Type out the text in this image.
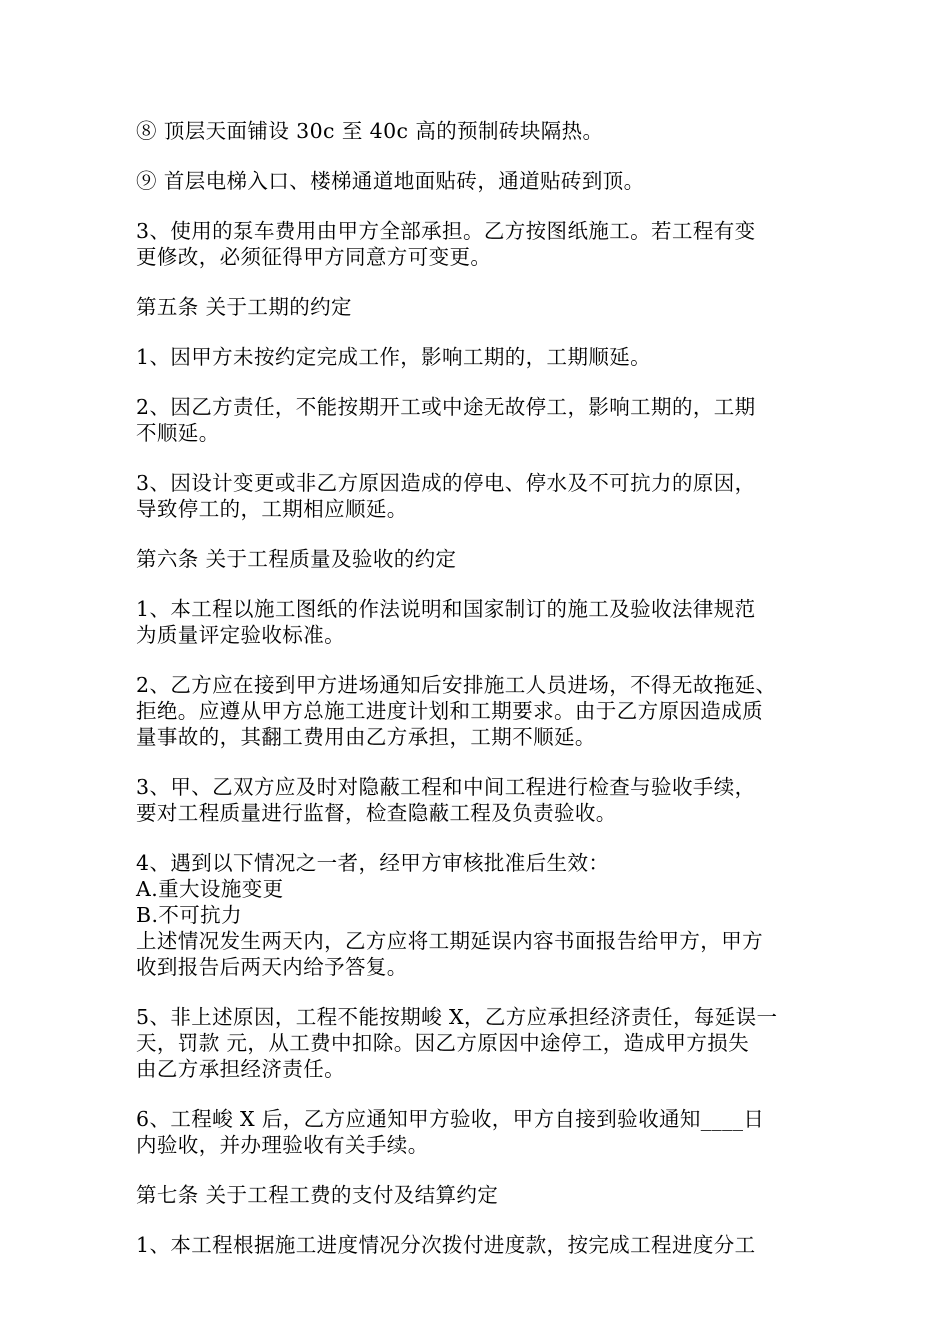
⑧ 顶层天面铺设 30c 至 40c 高的预制砖块隔热。
⑨ 首层电梯入口、楼梯通道地面贴砖，通道贴砖到顶。
3、使用的泵车费用由甲方全部承担。乙方按图纸施工。若工程有变
更修改，必须征得甲方同意方可变更。
第五条 关于工期的约定
1、因甲方未按约定完成工作，影响工期的，工期顺延。
2、因乙方责任，不能按期开工或中途无故停工，影响工期的，工期
不顺延。
3、因设计变更或非乙方原因造成的停电、停水及不可抗力的原因，
导致停工的，工期相应顺延。
第六条 关于工程质量及验收的约定
1、本工程以施工图纸的作法说明和国家制订的施工及验收法律规范
为质量评定验收标准。
2、乙方应在接到甲方进场通知后安排施工人员进场，不得无故拖延、
拒绝。应遵从甲方总施工进度计划和工期要求。由于乙方原因造成质
量事故的，其翻工费用由乙方承担，工期不顺延。
3、甲、乙双方应及时对隐蔽工程和中间工程进行检查与验收手续，
要对工程质量进行监督，检查隐蔽工程及负责验收。
4、遇到以下情况之一者，经甲方审核批准后生效：
A.重大设施变更
B.不可抗力
上述情况发生两天内，乙方应将工期延误内容书面报告给甲方，甲方
收到报告后两天内给予答复。
5、非上述原因，工程不能按期峻 X，乙方应承担经济责任，每延误一
天，罚款 元，从工费中扣除。因乙方原因中途停工，造成甲方损失
由乙方承担经济责任。
6、工程峻 X 后，乙方应通知甲方验收，甲方自接到验收通知____日
内验收，并办理验收有关手续。
第七条 关于工程工费的支付及结算约定
1、本工程根据施工进度情况分次拨付进度款，按完成工程进度分工
